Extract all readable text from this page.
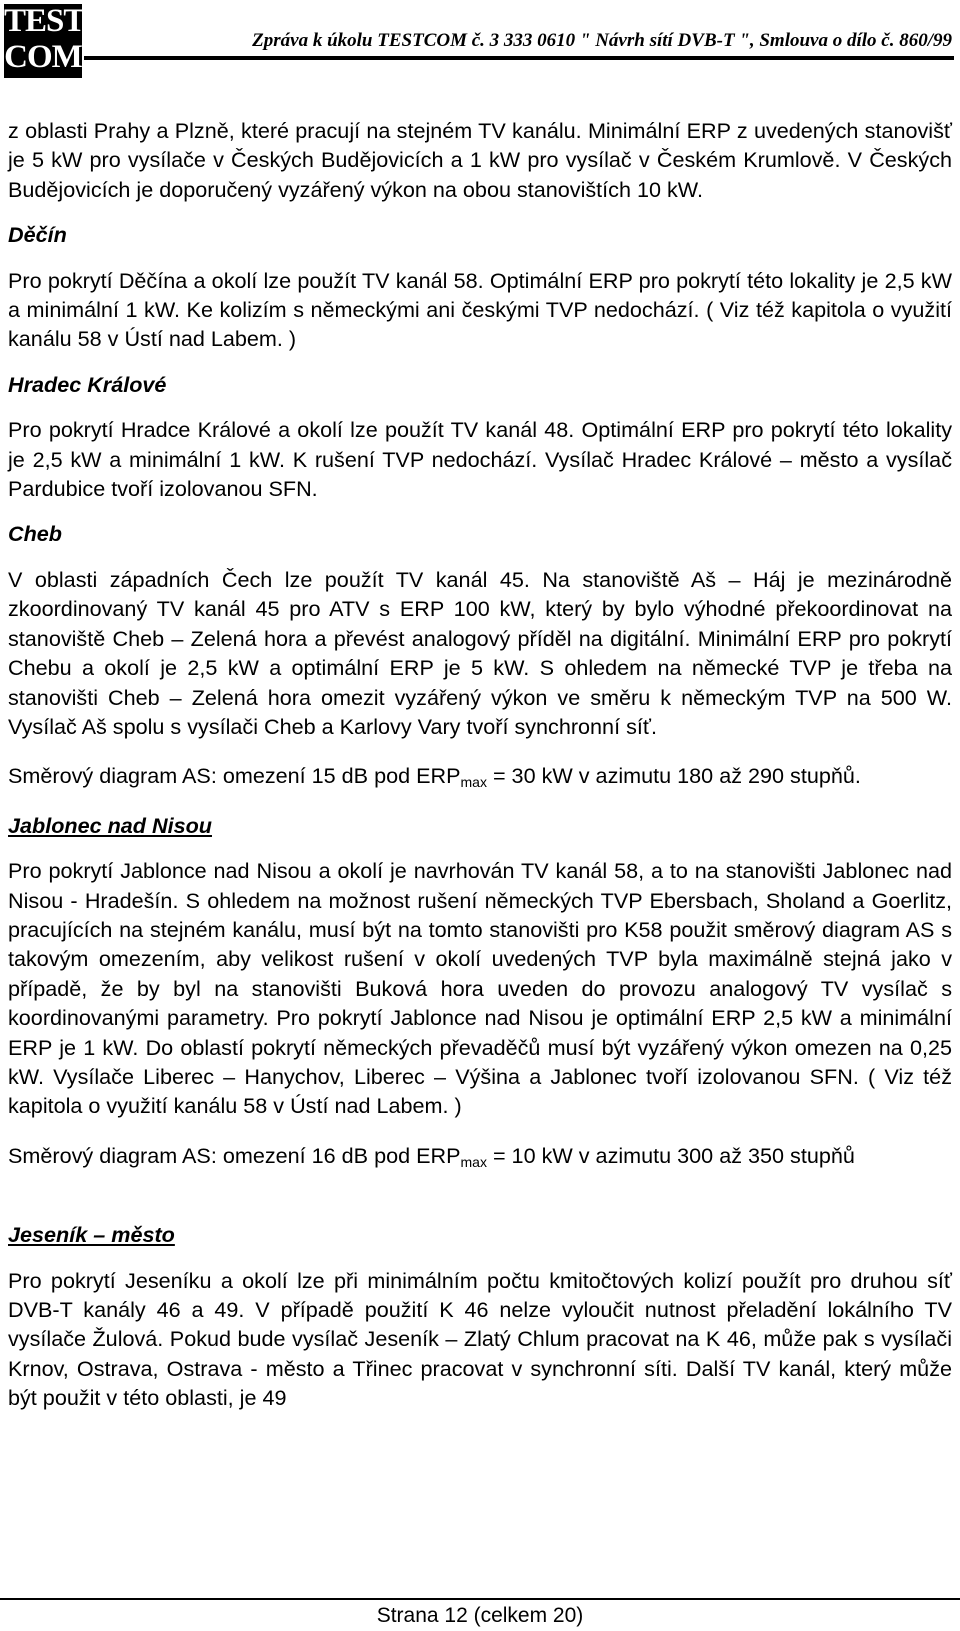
TEST
COM	Zpráva k úkolu TESTCOM č. 3 333 0610 " Návrh sítí DVB-T ", Smlouva o dílo č. 860/99

z oblasti Prahy a Plzně, které pracují na stejném TV kanálu. Minimální ERP z uvedených stanovišť je 5 kW pro vysílače v Českých Budějovicích a 1 kW pro vysílač v Českém Krumlově. V Českých Budějovicích je doporučený vyzářený výkon na obou stanovištích 10 kW.

Děčín

Pro pokrytí Děčína a okolí lze použít TV kanál 58. Optimální ERP pro pokrytí této lokality je 2,5 kW a minimální 1 kW. Ke kolizím s německými ani českými TVP nedochází. ( Viz též kapitola o využití kanálu 58 v Ústí nad Labem. )

Hradec Králové

Pro pokrytí Hradce Králové a okolí lze použít TV kanál 48. Optimální ERP pro pokrytí této lokality je 2,5 kW a minimální 1 kW. K rušení TVP nedochází. Vysílač Hradec Králové – město a vysílač Pardubice tvoří izolovanou SFN.

Cheb

V oblasti západních Čech lze použít TV kanál 45. Na stanoviště Aš – Háj je mezinárodně zkoordinovaný TV kanál 45 pro ATV s ERP 100 kW, který by bylo výhodné překoordinovat na stanoviště Cheb – Zelená hora a převést analogový příděl na digitální. Minimální ERP pro pokrytí Chebu a okolí je 2,5 kW a optimální ERP je 5 kW. S ohledem na německé TVP je třeba na stanovišti Cheb – Zelená hora omezit vyzářený výkon ve směru k německým TVP na 500 W. Vysílač Aš spolu s vysílači Cheb a Karlovy Vary tvoří synchronní síť.

Směrový diagram AS: omezení 15 dB pod $ERP_{max} = 30$ kW v azimutu 180 až 290 stupňů.

Jablonec nad Nisou

Pro pokrytí Jablonce nad Nisou a okolí je navrhován TV kanál 58, a to na stanovišti Jablonec nad Nisou - Hradešín. S ohledem na možnost rušení německých TVP Ebersbach, Sholand a Goerlitz, pracujících na stejném kanálu, musí být na tomto stanovišti pro K58 použit směrový diagram AS s takovým omezením, aby velikost rušení v okolí uvedených TVP byla maximálně stejná jako v případě, že by byl na stanovišti Buková hora uveden do provozu analogový TV vysílač s koordinovanými parametry. Pro pokrytí Jablonce nad Nisou je optimální ERP 2,5 kW a minimální ERP je 1 kW. Do oblastí pokrytí německých převaděčů musí být vyzářený výkon omezen na 0,25 kW. Vysílače Liberec – Hanychov, Liberec – Výšina a Jablonec tvoří izolovanou SFN. ( Viz též kapitola o využití kanálu 58 v Ústí nad Labem. )

Směrový diagram AS: omezení 16 dB pod $ERP_{max} = 10$ kW v azimutu 300 až 350 stupňů

Jeseník – město

Pro pokrytí Jeseníku a okolí lze při minimálním počtu kmitočtových kolizí použít pro druhou síť DVB-T kanály 46 a 49. V případě použití K 46 nelze vyloučit nutnost přeladění lokálního TV vysílače Žulová. Pokud bude vysílač Jeseník – Zlatý Chlum pracovat na K 46, může pak s vysílači Krnov, Ostrava, Ostrava - město a Třinec pracovat v synchronní síti. Další TV kanál, který může být použit v této oblasti, je 49

Strana 12 (celkem 20)
